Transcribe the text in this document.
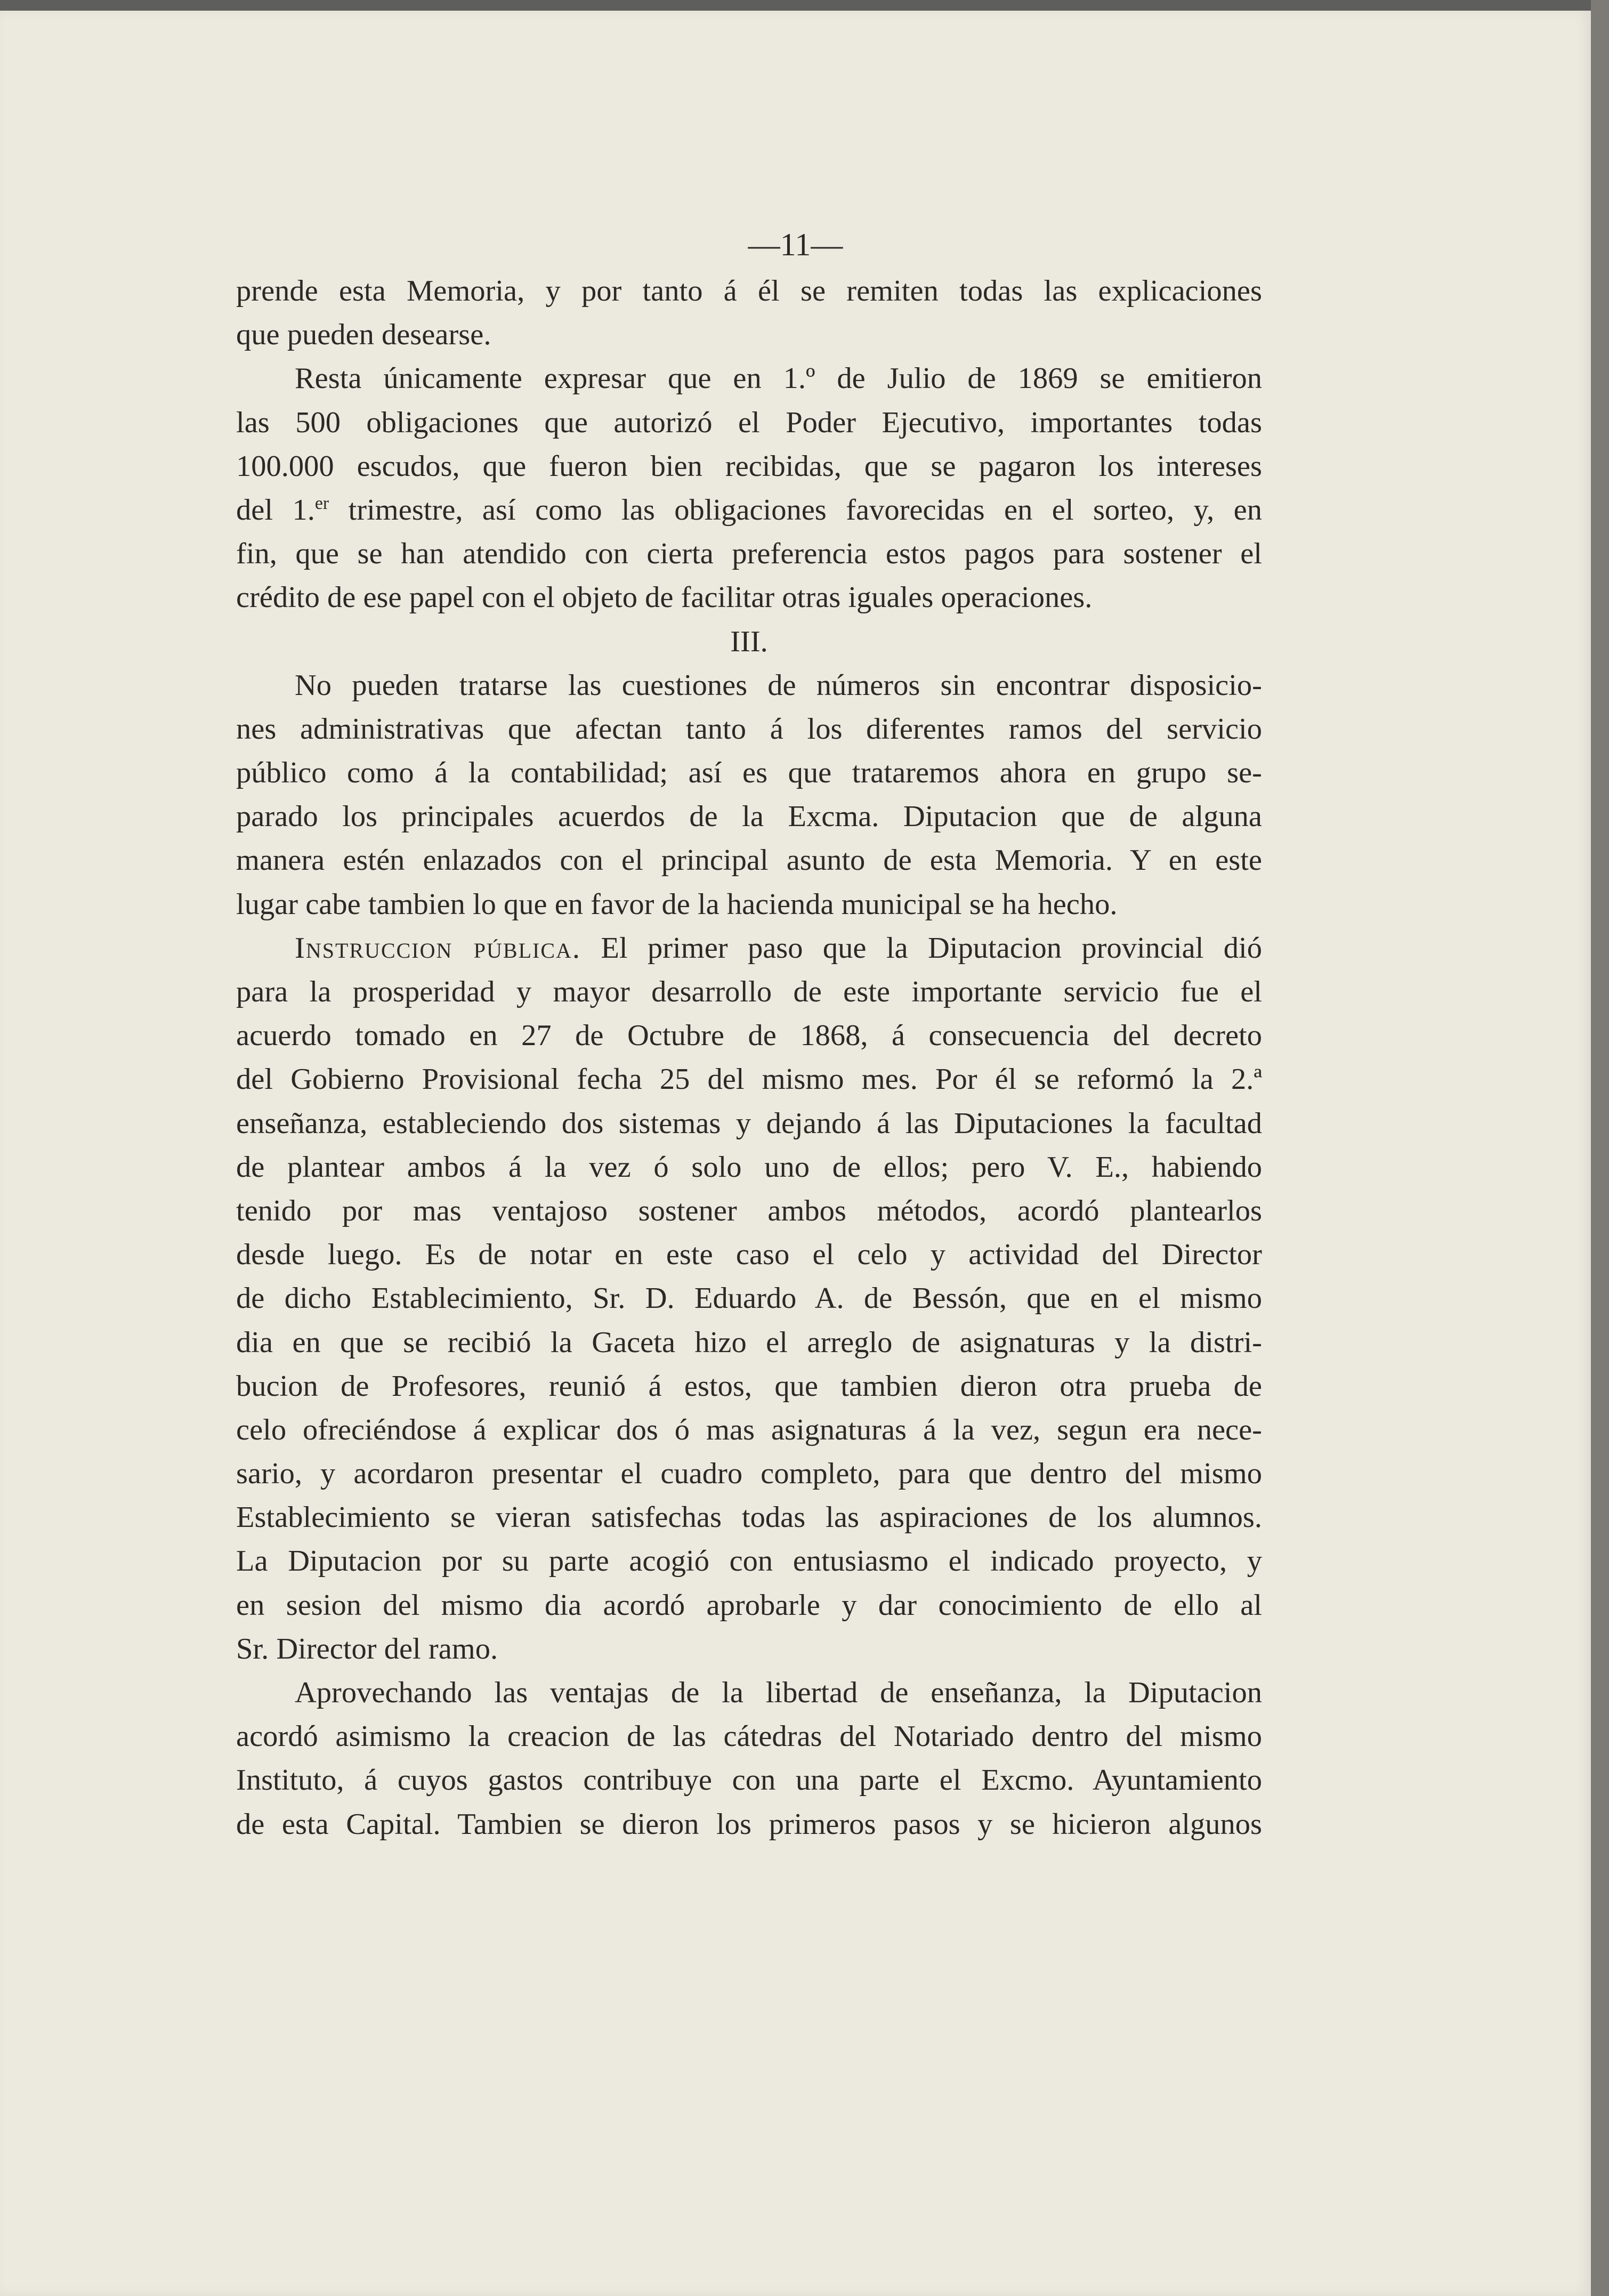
—11—
prende esta Memoria, y por tanto á él se remiten todas las explicaciones
que pueden desearse.
Resta únicamente expresar que en 1.º de Julio de 1869 se emitieron
las 500 obligaciones que autorizó el Poder Ejecutivo, importantes todas
100.000 escudos, que fueron bien recibidas, que se pagaron los intereses
del 1.$^{er}$ trimestre, así como las obligaciones favorecidas en el sorteo, y, en
fin, que se han atendido con cierta preferencia estos pagos para sostener el
crédito de ese papel con el objeto de facilitar otras iguales operaciones.
III.
No pueden tratarse las cuestiones de números sin encontrar disposicio-
nes administrativas que afectan tanto á los diferentes ramos del servicio
público como á la contabilidad; así es que trataremos ahora en grupo se-
parado los principales acuerdos de la Excma. Diputacion que de alguna
manera estén enlazados con el principal asunto de esta Memoria. Y en este
lugar cabe tambien lo que en favor de la hacienda municipal se ha hecho.
Instruccion pública. El primer paso que la Diputacion provincial dió
para la prosperidad y mayor desarrollo de este importante servicio fue el
acuerdo tomado en 27 de Octubre de 1868, á consecuencia del decreto
del Gobierno Provisional fecha 25 del mismo mes. Por él se reformó la 2.ª
enseñanza, estableciendo dos sistemas y dejando á las Diputaciones la facultad
de plantear ambos á la vez ó solo uno de ellos; pero V. E., habiendo
tenido por mas ventajoso sostener ambos métodos, acordó plantearlos
desde luego. Es de notar en este caso el celo y actividad del Director
de dicho Establecimiento, Sr. D. Eduardo A. de Bessón, que en el mismo
dia en que se recibió la Gaceta hizo el arreglo de asignaturas y la distri-
bucion de Profesores, reunió á estos, que tambien dieron otra prueba de
celo ofreciéndose á explicar dos ó mas asignaturas á la vez, segun era nece-
sario, y acordaron presentar el cuadro completo, para que dentro del mismo
Establecimiento se vieran satisfechas todas las aspiraciones de los alumnos.
La Diputacion por su parte acogió con entusiasmo el indicado proyecto, y
en sesion del mismo dia acordó aprobarle y dar conocimiento de ello al
Sr. Director del ramo.
Aprovechando las ventajas de la libertad de enseñanza, la Diputacion
acordó asimismo la creacion de las cátedras del Notariado dentro del mismo
Instituto, á cuyos gastos contribuye con una parte el Excmo. Ayuntamiento
de esta Capital. Tambien se dieron los primeros pasos y se hicieron algunos
